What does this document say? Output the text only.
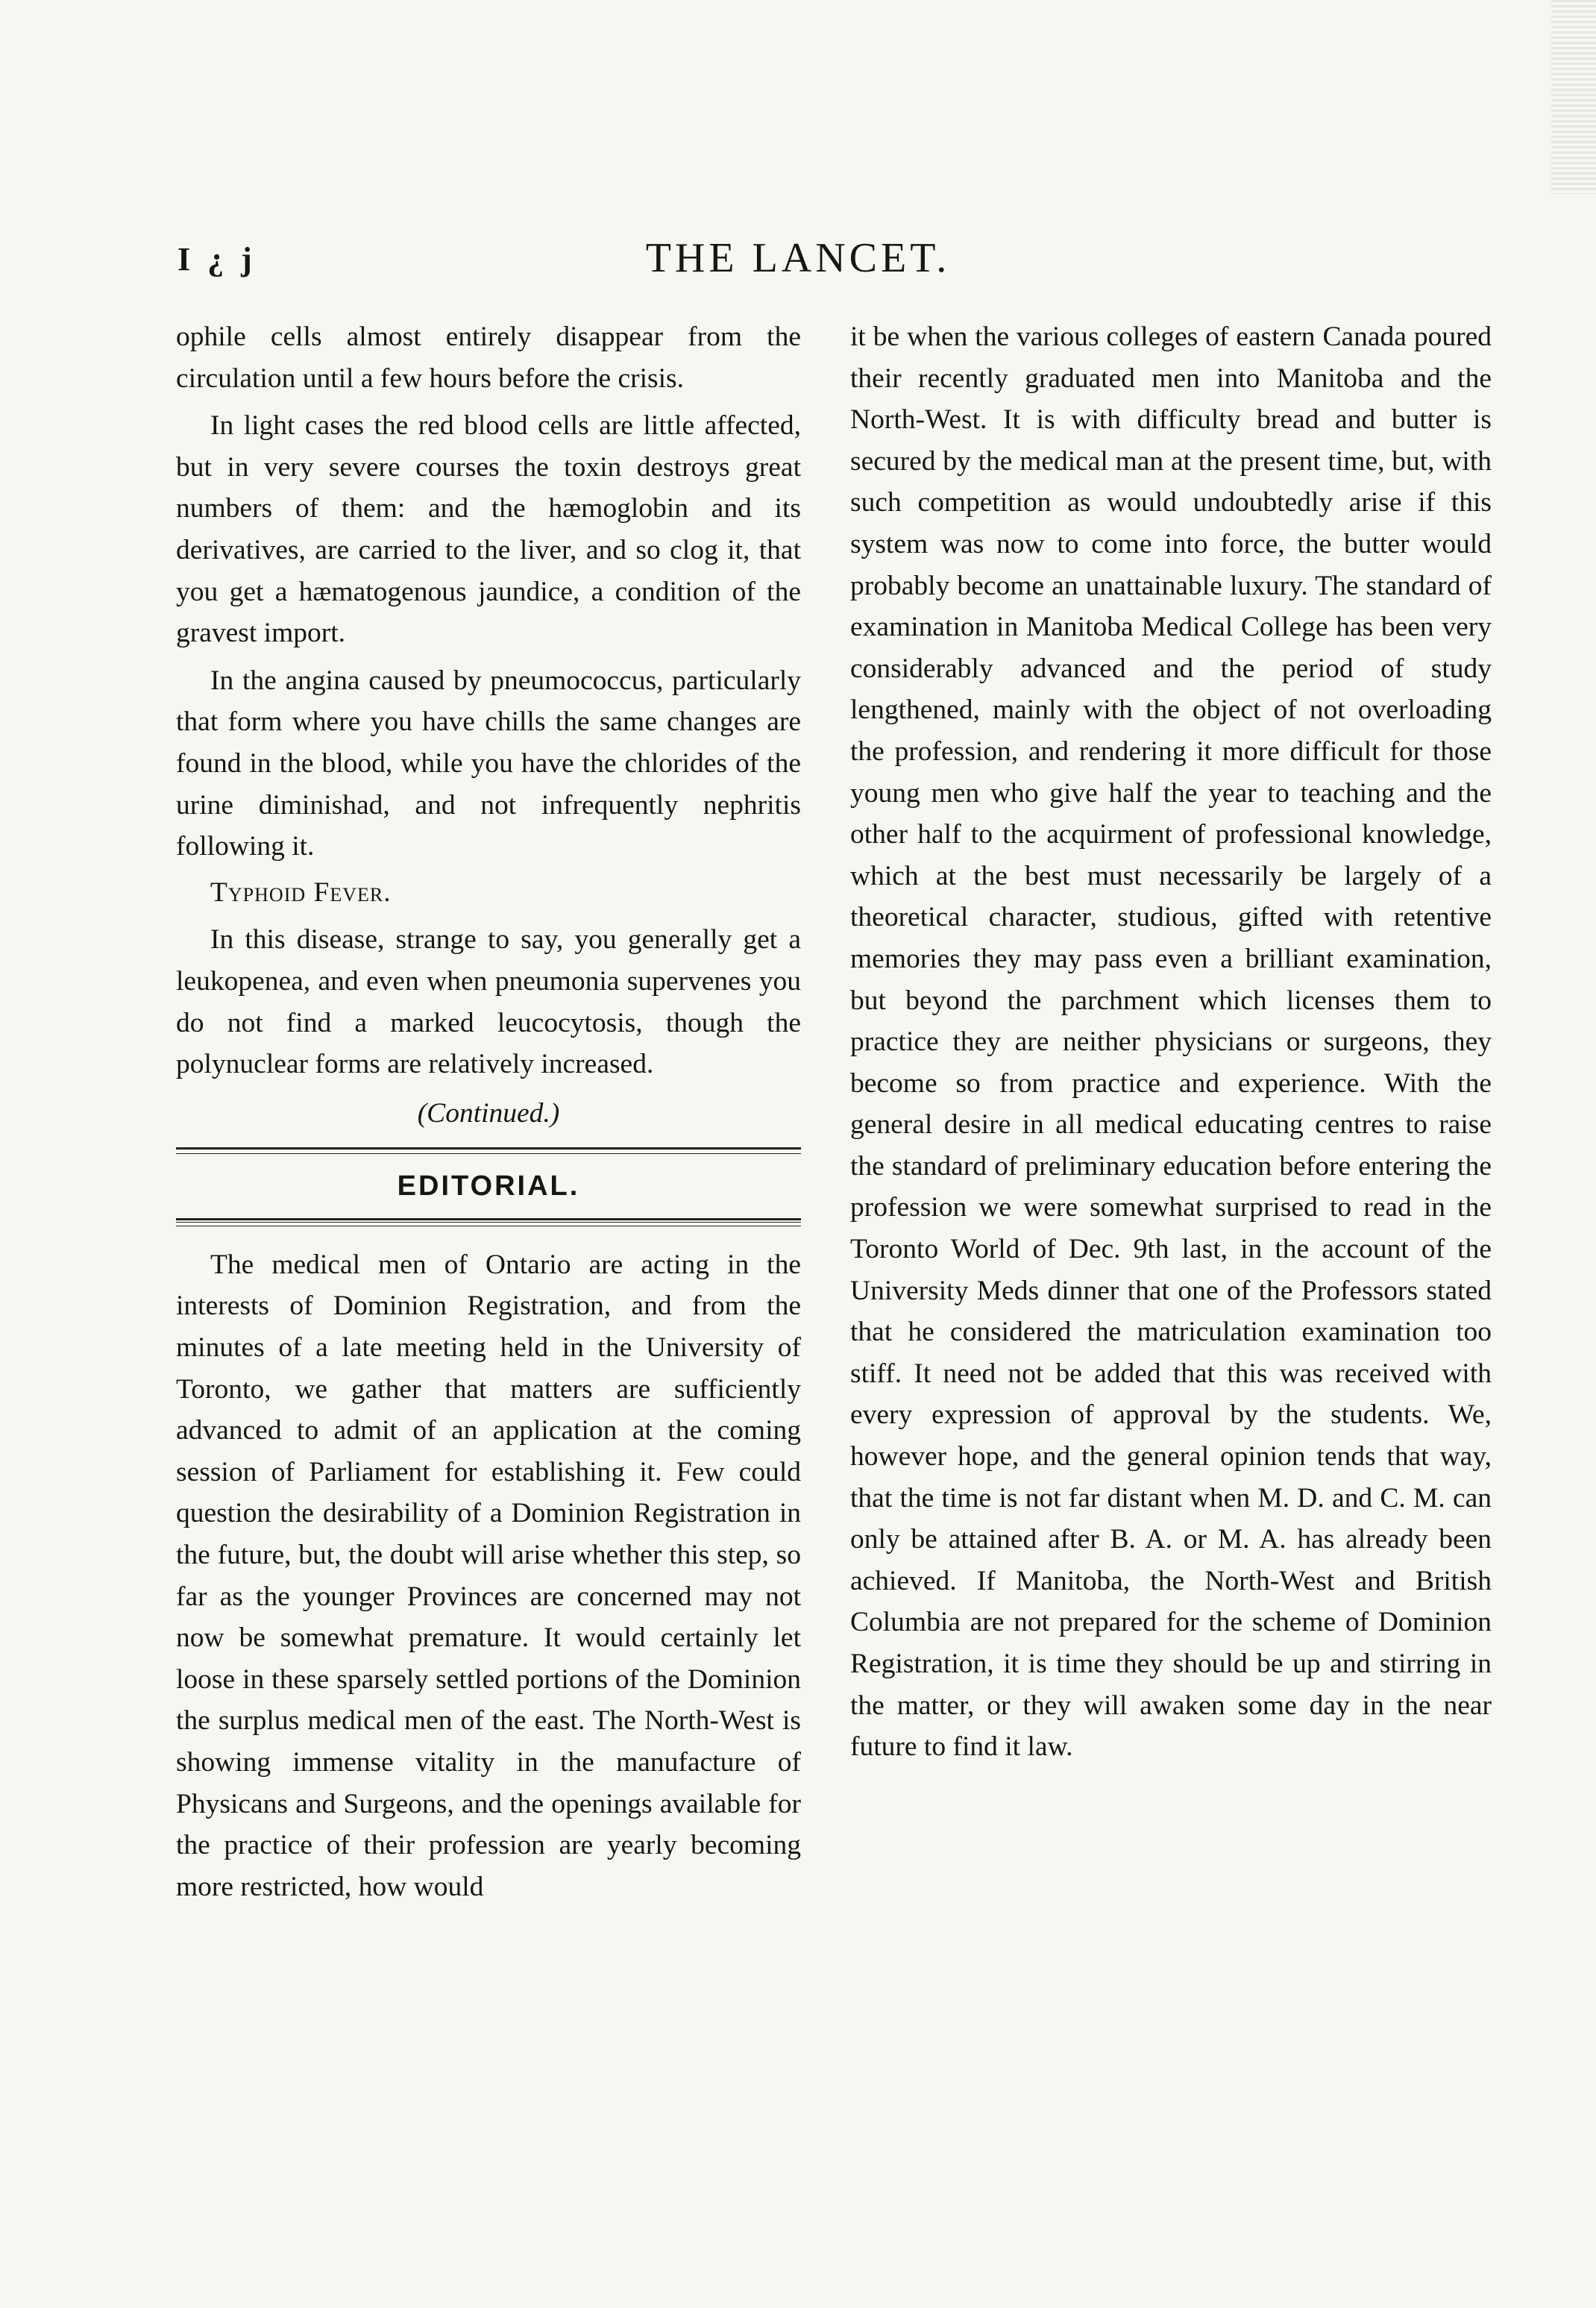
I ¿ j	THE LANCET.

ophile cells almost entirely disappear from the circulation until a few hours before the crisis.

In light cases the red blood cells are little affected, but in very severe courses the toxin destroys great numbers of them: and the hæmoglobin and its derivatives, are carried to the liver, and so clog it, that you get a hæmatogenous jaundice, a condition of the gravest import.

In the angina caused by pneumococcus, particularly that form where you have chills the same changes are found in the blood, while you have the chlorides of the urine diminishad, and not infrequently nephritis following it.

Typhoid Fever.

In this disease, strange to say, you generally get a leukopenea, and even when pneumonia supervenes you do not find a marked leucocytosis, though the polynuclear forms are relatively increased.

(Continued.)

EDITORIAL.

The medical men of Ontario are acting in the interests of Dominion Registration, and from the minutes of a late meeting held in the University of Toronto, we gather that matters are sufficiently advanced to admit of an application at the coming session of Parliament for establishing it. Few could question the desirability of a Dominion Registration in the future, but, the doubt will arise whether this step, so far as the younger Provinces are concerned may not now be somewhat premature. It would certainly let loose in these sparsely settled portions of the Dominion the surplus medical men of the east. The North-West is showing immense vitality in the manufacture of Physicans and Surgeons, and the openings available for the practice of their profession are yearly becoming more restricted, how would

it be when the various colleges of eastern Canada poured their recently graduated men into Manitoba and the North-West. It is with difficulty bread and butter is secured by the medical man at the present time, but, with such competition as would undoubtedly arise if this system was now to come into force, the butter would probably become an unattainable luxury. The standard of examination in Manitoba Medical College has been very considerably advanced and the period of study lengthened, mainly with the object of not overloading the profession, and rendering it more difficult for those young men who give half the year to teaching and the other half to the acquirment of professional knowledge, which at the best must necessarily be largely of a theoretical character, studious, gifted with retentive memories they may pass even a brilliant examination, but beyond the parchment which licenses them to practice they are neither physicians or surgeons, they become so from practice and experience. With the general desire in all medical educating centres to raise the standard of preliminary education before entering the profession we were somewhat surprised to read in the Toronto World of Dec. 9th last, in the account of the University Meds dinner that one of the Professors stated that he considered the matriculation examination too stiff. It need not be added that this was received with every expression of approval by the students. We, however hope, and the general opinion tends that way, that the time is not far distant when M. D. and C. M. can only be attained after B. A. or M. A. has already been achieved. If Manitoba, the North-West and British Columbia are not prepared for the scheme of Dominion Registration, it is time they should be up and stirring in the matter, or they will awaken some day in the near future to find it law.
